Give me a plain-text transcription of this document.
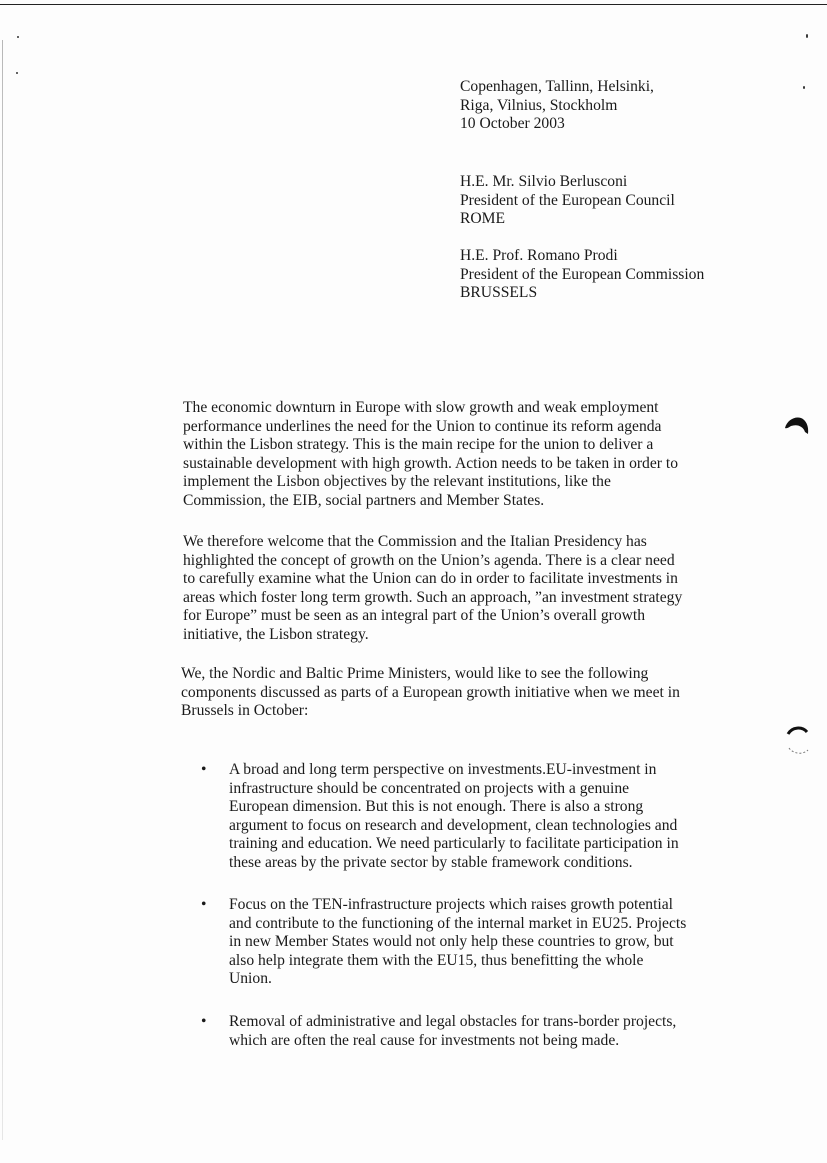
Copenhagen, Tallinn, Helsinki,
Riga, Vilnius, Stockholm
10 October 2003
H.E. Mr. Silvio Berlusconi
President of the European Council
ROME
H.E. Prof. Romano Prodi
President of the European Commission
BRUSSELS
The economic downturn in Europe with slow growth and weak employment
performance underlines the need for the Union to continue its reform agenda
within the Lisbon strategy. This is the main recipe for the union to deliver a
sustainable development with high growth. Action needs to be taken in order to
implement the Lisbon objectives by the relevant institutions, like the
Commission, the EIB, social partners and Member States.
We therefore welcome that the Commission and the Italian Presidency has
highlighted the concept of growth on the Union’s agenda. There is a clear need
to carefully examine what the Union can do in order to facilitate investments in
areas which foster long term growth. Such an approach, ”an investment strategy
for Europe” must be seen as an integral part of the Union’s overall growth
initiative, the Lisbon strategy.
We, the Nordic and Baltic Prime Ministers, would like to see the following
components discussed as parts of a European growth initiative when we meet in
Brussels in October:
•	A broad and long term perspective on investments.EU-investment in
infrastructure should be concentrated on projects with a genuine
European dimension. But this is not enough. There is also a strong
argument to focus on research and development, clean technologies and
training and education. We need particularly to facilitate participation in
these areas by the private sector by stable framework conditions.
•	Focus on the TEN-infrastructure projects which raises growth potential
and contribute to the functioning of the internal market in EU25. Projects
in new Member States would not only help these countries to grow, but
also help integrate them with the EU15, thus benefitting the whole
Union.
•	Removal of administrative and legal obstacles for trans-border projects,
which are often the real cause for investments not being made.
